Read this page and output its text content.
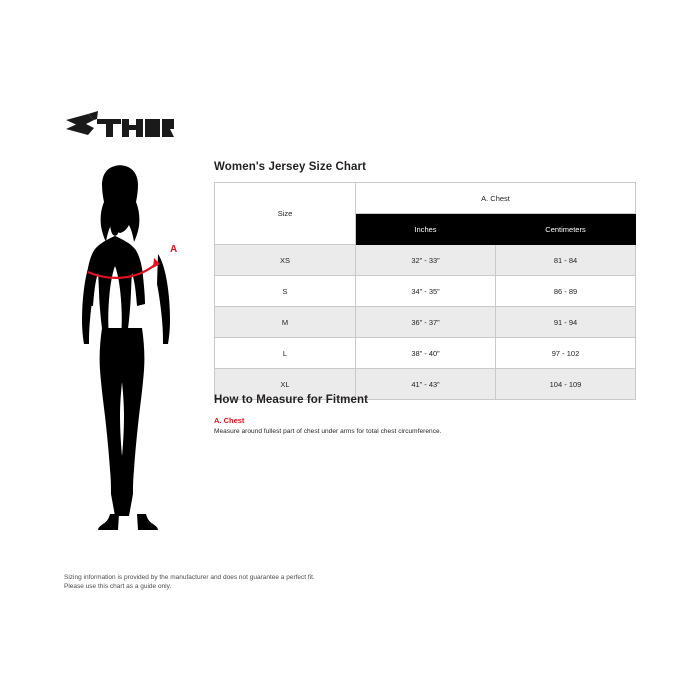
A
Women's Jersey Size Chart
Size	A. Chest	
	Inches	Centimeters
XS	32” - 33”	81 - 84
S	34” - 35”	86 - 89
M	36” - 37”	91 - 94
L	38” - 40”	97 - 102
XL	41” - 43”	104 - 109
How to Measure for Fitment
A. Chest
Measure around fullest part of chest under arms for total chest circumference.
Sizing information is provided by the manufacturer and does not guarantee a perfect fit.
Please use this chart as a guide only.
